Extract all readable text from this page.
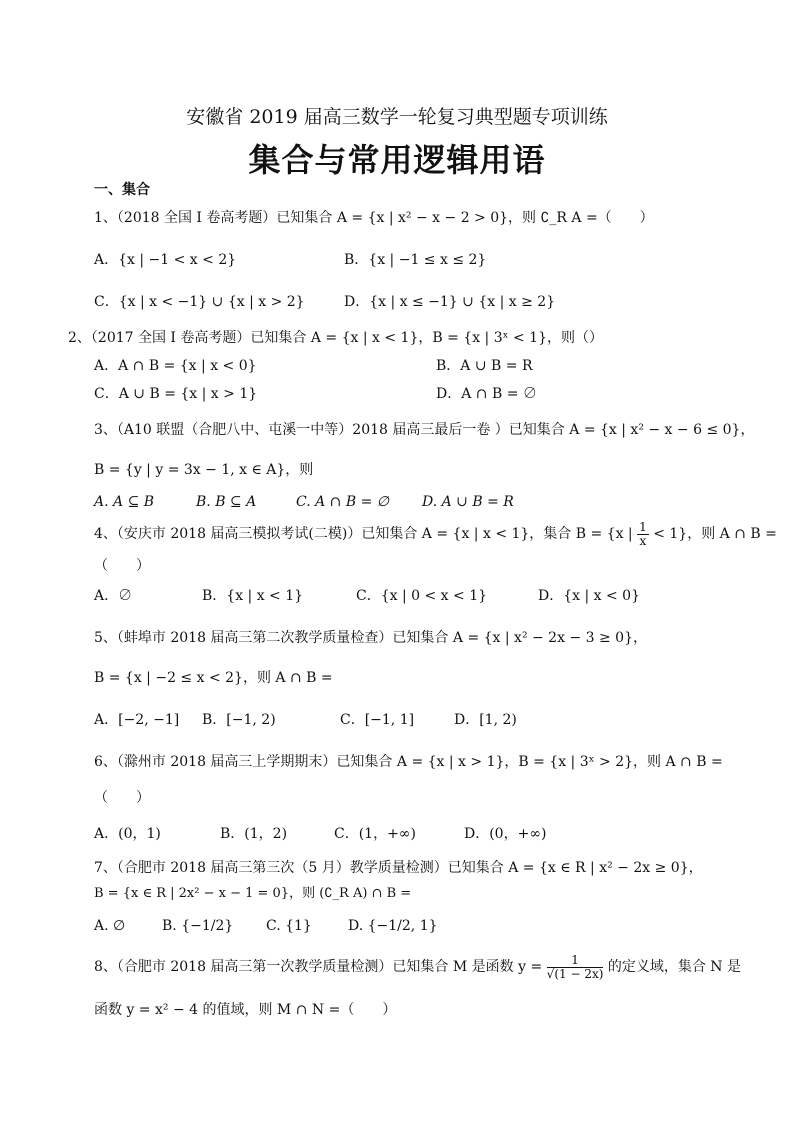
安徽省 2019 届高三数学一轮复习典型题专项训练
集合与常用逻辑用语
一、集合
1、（2018 全国 I 卷高考题）已知集合 A = {x | x² − x − 2 > 0}，则 ∁_R A =（　　）
A．{x | −1 < x < 2}	B．{x | −1 ≤ x ≤ 2}
C．{x | x < −1} ∪ {x | x > 2}	D．{x | x ≤ −1} ∪ {x | x ≥ 2}
2、（2017 全国 I 卷高考题）已知集合 A = {x | x < 1}，B = {x | 3ˣ < 1}，则（）
A．A ∩ B = {x | x < 0}	B．A ∪ B = R
C．A ∪ B = {x | x > 1}	D．A ∩ B = ∅
3、（A10 联盟（合肥八中、屯溪一中等）2018 届高三最后一卷 ）已知集合 A = {x | x² − x − 6 ≤ 0}，
B = {y | y = 3x − 1, x ∈ A}，则
A. A ⊆ B	B. B ⊆ A	C. A ∩ B = ∅ D. A ∪ B = R
4、（安庆市 2018 届高三模拟考试(二模)）已知集合 A = {x | x < 1}，集合 B = {x | $\frac{1}{x} < 1$}，则 A ∩ B =
（　　）
A．∅	B．{x | x < 1}	C．{x | 0 < x < 1}	D．{x | x < 0}
5、（蚌埠市 2018 届高三第二次教学质量检查）已知集合 A = {x | x² − 2x − 3 ≥ 0}，
B = {x | −2 ≤ x < 2}，则 A ∩ B =
A．[−2, −1] B．[−1, 2)	C．[−1, 1]	D．[1, 2)
6、（滁州市 2018 届高三上学期期末）已知集合 A = {x | x > 1}，B = {x | 3ˣ > 2}，则 A ∩ B =
（　　）
A．(0，1)	B．(1，2)	C．(1，+∞)	D．(0，+∞)
7、（合肥市 2018 届高三第三次（5 月）教学质量检测）已知集合 A = {x ∈ R | x² − 2x ≥ 0}，
B = {x ∈ R | 2x² − x − 1 = 0}，则 (∁_R A) ∩ B =
A. ∅	B. {−1/2} C. {1}	D. {−1/2, 1}
8、（合肥市 2018 届高三第一次教学质量检测）已知集合 M 是函数 $y = \frac{1}{√(1 - 2x)}$ 的定义域，集合 N 是
函数 y = x² − 4 的值域，则 M ∩ N =（　　）
